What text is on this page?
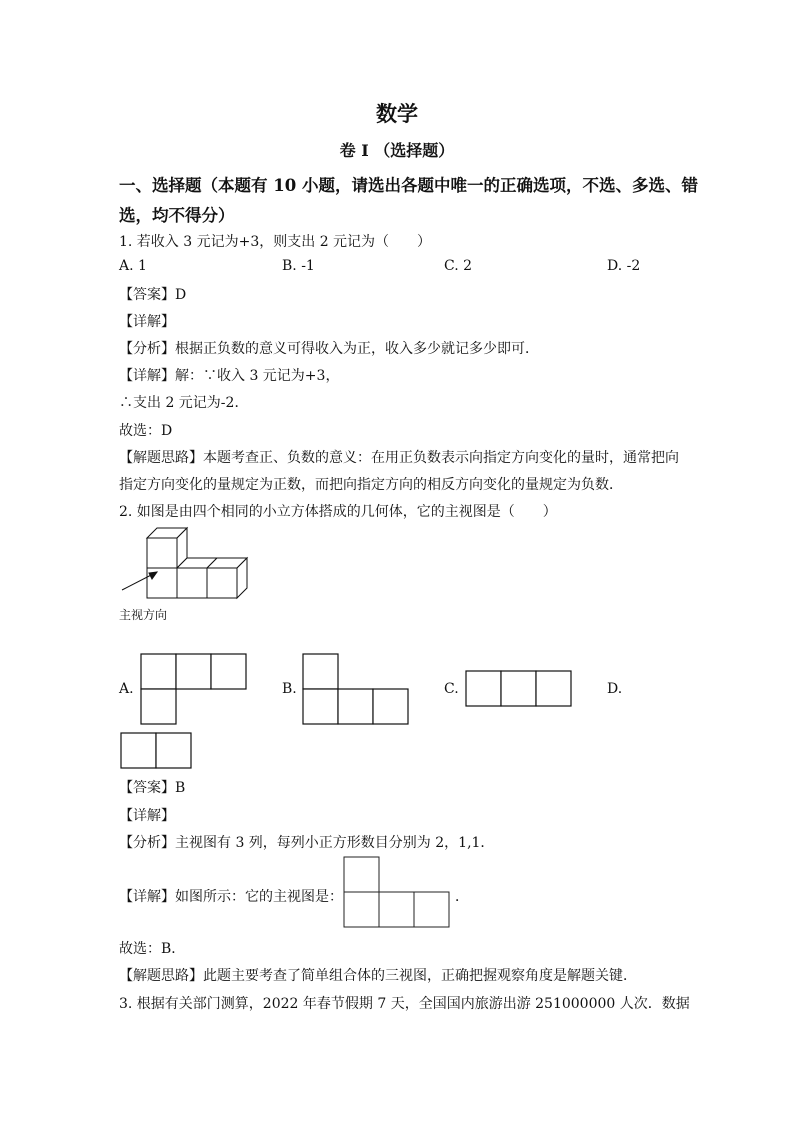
数学
卷 I （选择题）
一、选择题（本题有 10 小题，请选出各题中唯一的正确选项，不选、多选、错
选，均不得分）
1. 若收入 3 元记为+3，则支出 2 元记为（　　）
A. 1	B. -1	C. 2	D. -2
【答案】D
【详解】
【分析】根据正负数的意义可得收入为正，收入多少就记多少即可．
【详解】解：∵收入 3 元记为+3，
∴支出 2 元记为-2．
故选：D
【解题思路】本题考查正、负数的意义：在用正负数表示向指定方向变化的量时，通常把向
指定方向变化的量规定为正数，而把向指定方向的相反方向变化的量规定为负数．
2. 如图是由四个相同的小立方体搭成的几何体，它的主视图是（　　）
主视方向
A.	B.	C.	D.
【答案】B
【详解】
【分析】主视图有 3 列，每列小正方形数目分别为 2，1,1．
【详解】如图所示：它的主视图是：	．
故选：B．
【解题思路】此题主要考查了简单组合体的三视图，正确把握观察角度是解题关键．
3. 根据有关部门测算，2022 年春节假期 7 天，全国国内旅游出游 251000000 人次．数据
